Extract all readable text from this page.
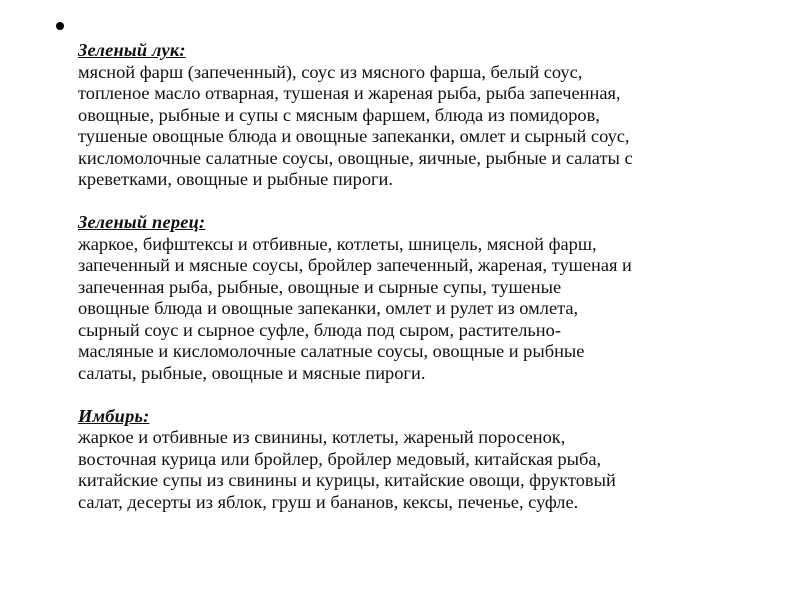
Зеленый лук:
мясной фарш (запеченный), соус из мясного фарша, белый соус,
топленое масло отварная, тушеная и жареная рыба, рыба запеченная,
овощные, рыбные и супы с мясным фаршем, блюда из помидоров,
тушеные овощные блюда и овощные запеканки, омлет и сырный соус,
кисломолочные салатные соусы, овощные, яичные, рыбные и салаты с
креветками, овощные и рыбные пироги.
Зеленый перец:
жаркое, бифштексы и отбивные, котлеты, шницель, мясной фарш,
запеченный и мясные соусы, бройлер запеченный, жареная, тушеная и
запеченная рыба, рыбные, овощные и сырные супы, тушеные
овощные блюда и овощные запеканки, омлет и рулет из омлета,
сырный соус и сырное суфле, блюда под сыром, растительно-
масляные и кисломолочные салатные соусы, овощные и рыбные
салаты, рыбные, овощные и мясные пироги.
Имбирь:
жаркое и отбивные из свинины, котлеты, жареный поросенок,
восточная курица или бройлер, бройлер медовый, китайская рыба,
китайские супы из свинины и курицы, китайские овощи, фруктовый
салат, десерты из яблок, груш и бананов, кексы, печенье, суфле.
